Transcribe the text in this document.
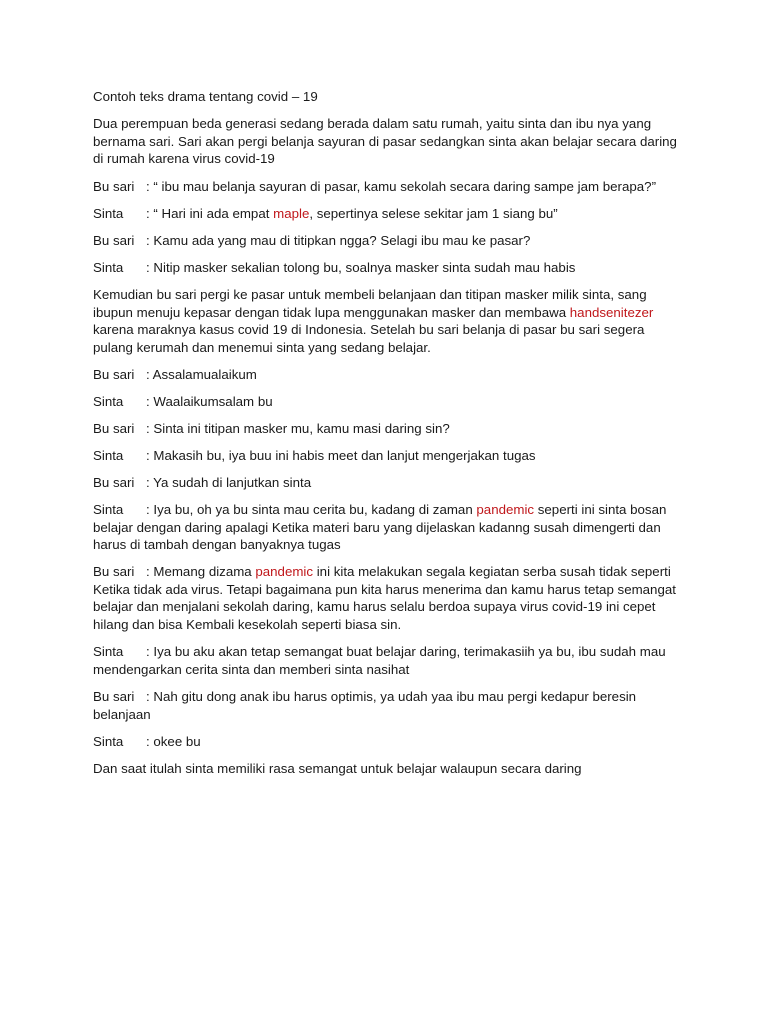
Contoh teks drama tentang covid – 19
Dua perempuan beda generasi sedang berada dalam satu rumah, yaitu sinta dan ibu nya yang bernama sari. Sari akan pergi belanja sayuran di pasar sedangkan sinta akan belajar secara daring di rumah karena virus covid-19
Bu sari : “ ibu mau belanja sayuran di pasar, kamu sekolah secara daring sampe jam berapa?”
Sinta : “ Hari ini ada empat maple, sepertinya selese sekitar jam 1 siang bu”
Bu sari : Kamu ada yang mau di titipkan ngga? Selagi ibu mau ke pasar?
Sinta : Nitip masker sekalian tolong bu, soalnya masker sinta sudah mau habis
Kemudian bu sari pergi ke pasar untuk membeli belanjaan dan titipan masker milik sinta, sang ibupun menuju kepasar dengan tidak lupa menggunakan masker dan membawa handsenitezer karena maraknya kasus covid 19 di Indonesia. Setelah bu sari belanja di pasar bu sari segera pulang kerumah dan menemui sinta yang sedang belajar.
Bu sari : Assalamualaikum
Sinta : Waalaikumsalam bu
Bu sari : Sinta ini titipan masker mu, kamu masi daring sin?
Sinta : Makasih bu, iya buu ini habis meet dan lanjut mengerjakan tugas
Bu sari : Ya sudah di lanjutkan sinta
Sinta : Iya bu, oh ya bu sinta mau cerita bu, kadang di zaman pandemic seperti ini sinta bosan belajar dengan daring apalagi Ketika materi baru yang dijelaskan kadanng susah dimengerti dan harus di tambah dengan banyaknya tugas
Bu sari : Memang dizama pandemic ini kita melakukan segala kegiatan serba susah tidak seperti Ketika tidak ada virus. Tetapi bagaimana pun kita harus menerima dan kamu harus tetap semangat belajar dan menjalani sekolah daring, kamu harus selalu berdoa supaya virus covid-19 ini cepet hilang dan bisa Kembali kesekolah seperti biasa sin.
Sinta : Iya bu aku akan tetap semangat buat belajar daring, terimakasiih ya bu, ibu sudah mau mendengarkan cerita sinta dan memberi sinta nasihat
Bu sari : Nah gitu dong anak ibu harus optimis, ya udah yaa ibu mau pergi kedapur beresin belanjaan
Sinta : okee bu
Dan saat itulah sinta memiliki rasa semangat untuk belajar walaupun secara daring
